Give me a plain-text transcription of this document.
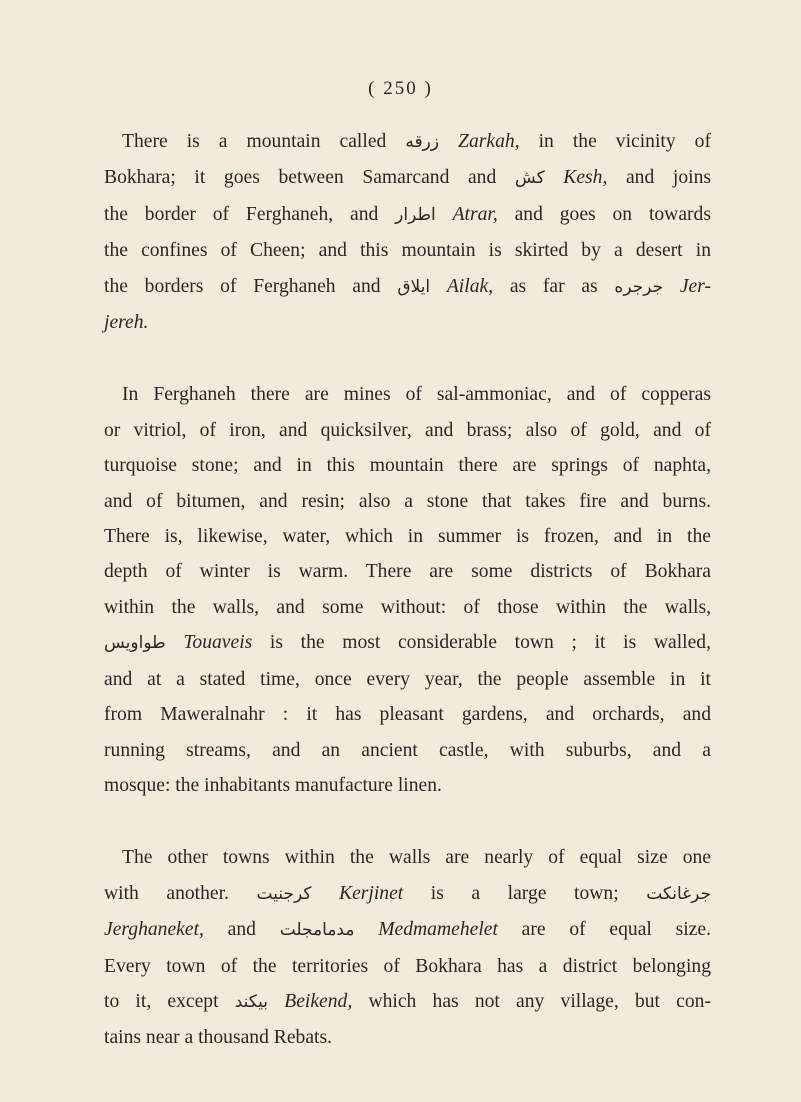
( 250 )
There is a mountain called زرقه Zarkah, in the vicinity of
Bokhara; it goes between Samarcand and كش Kesh, and joins
the border of Ferghaneh, and اطرار Atrar, and goes on towards
the confines of Cheen; and this mountain is skirted by a desert in
the borders of Ferghaneh and ايلاق Ailak, as far as جرجره Jer-
jereh.
In Ferghaneh there are mines of sal-ammoniac, and of copperas
or vitriol, of iron, and quicksilver, and brass; also of gold, and of
turquoise stone; and in this mountain there are springs of naphta,
and of bitumen, and resin; also a stone that takes fire and burns.
There is, likewise, water, which in summer is frozen, and in the
depth of winter is warm. There are some districts of Bokhara
within the walls, and some without: of those within the walls,
طواويس Touaveis is the most considerable town ; it is walled,
and at a stated time, once every year, the people assemble in it
from Maweralnahr : it has pleasant gardens, and orchards, and
running streams, and an ancient castle, with suburbs, and a
mosque: the inhabitants manufacture linen.
The other towns within the walls are nearly of equal size one
with another. كرجنيت Kerjinet is a large town; جرغانكت
Jerghaneket, and مدمامجلت Medmamehelet are of equal size.
Every town of the territories of Bokhara has a district belonging
to it, except بيكند Beikend, which has not any village, but con-
tains near a thousand Rebats.
